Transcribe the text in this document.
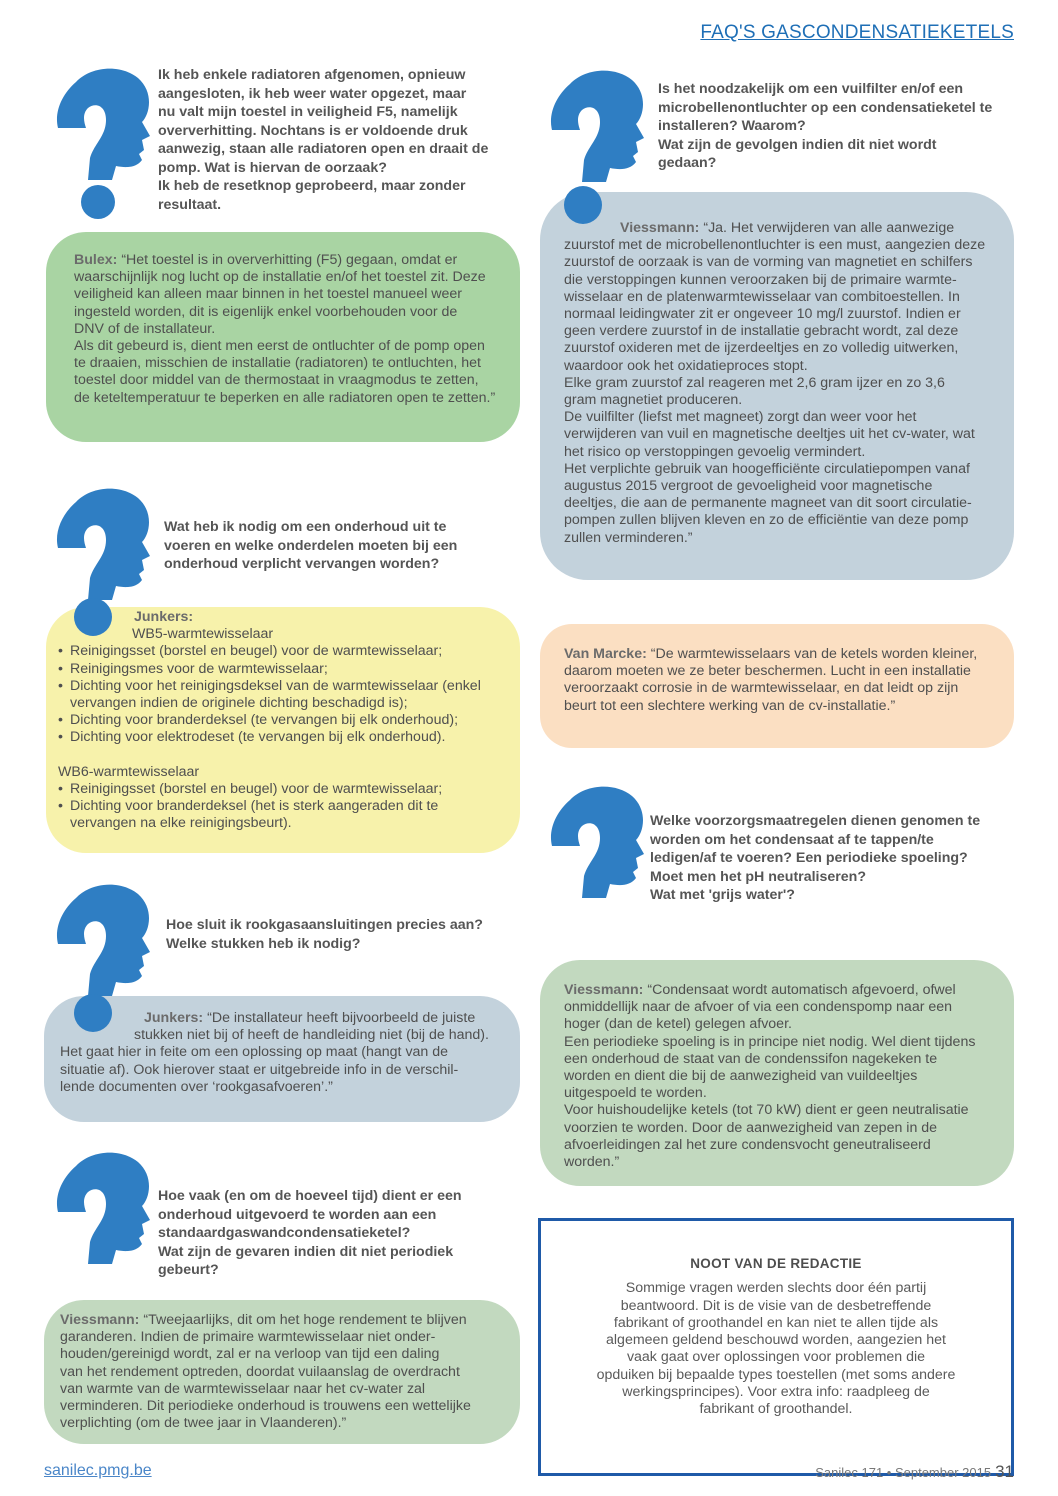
FAQ'S GASCONDENSATIEKETELS

Ik heb enkele radiatoren afgenomen, opnieuw

aangesloten, ik heb weer water opgezet, maar

nu valt mijn toestel in veiligheid F5, namelijk

oververhitting. Nochtans is er voldoende druk

aanwezig, staan alle radiatoren open en draait de

pomp. Wat is hiervan de oorzaak?

Ik heb de resetknop geprobeerd, maar zonder

resultaat.

Bulex: “Het toestel is in oververhitting (F5) gegaan, omdat er

waarschijnlijk nog lucht op de installatie en/of het toestel zit. Deze

veiligheid kan alleen maar binnen in het toestel manueel weer

ingesteld worden, dit is eigenlijk enkel voorbehouden voor de

DNV of de installateur.

Als dit gebeurd is, dient men eerst de ontluchter of de pomp open

te draaien, misschien de installatie (radiatoren) te ontluchten, het

toestel door middel van de thermostaat in vraagmodus te zetten,

de keteltemperatuur te beperken en alle radiatoren open te zetten.”

Wat heb ik nodig om een onderhoud uit te

voeren en welke onderdelen moeten bij een

onderhoud verplicht vervangen worden?

Junkers:

WB5-warmtewisselaar

• Reinigingsset (borstel en beugel) voor de warmtewisselaar;
• Reinigingsmes voor de warmtewisselaar;
• Dichting voor het reinigingsdeksel van de warmtewisselaar (enkel vervangen indien de originele dichting beschadigd is);
• Dichting voor branderdeksel (te vervangen bij elk onderhoud);
• Dichting voor elektrodeset (te vervangen bij elk onderhoud).

WB6-warmtewisselaar

• Reinigingsset (borstel en beugel) voor de warmtewisselaar;
• Dichting voor branderdeksel (het is sterk aangeraden dit te vervangen na elke reinigingsbeurt).

Hoe sluit ik rookgasaansluitingen precies aan?

Welke stukken heb ik nodig?

Junkers: “De installateur heeft bijvoorbeeld de juiste

stukken niet bij of heeft de handleiding niet (bij de hand).

Het gaat hier in feite om een oplossing op maat (hangt van de

situatie af). Ook hierover staat er uitgebreide info in de verschil-

lende documenten over ‘rookgasafvoeren’.”

Hoe vaak (en om de hoeveel tijd) dient er een

onderhoud uitgevoerd te worden aan een

standaardgaswandcondensatieketel?

Wat zijn de gevaren indien dit niet periodiek

gebeurt?

Viessmann: “Tweejaarlijks, dit om het hoge rendement te blijven

garanderen. Indien de primaire warmtewisselaar niet onder-

houden/gereinigd wordt, zal er na verloop van tijd een daling

van het rendement optreden, doordat vuilaanslag de overdracht

van warmte van de warmtewisselaar naar het cv-water zal

verminderen. Dit periodieke onderhoud is trouwens een wettelijke

verplichting (om de twee jaar in Vlaanderen).”

Is het noodzakelijk om een vuilfilter en/of een

microbellenontluchter op een condensatieketel te

installeren? Waarom?

Wat zijn de gevolgen indien dit niet wordt

gedaan?

Viessmann: “Ja. Het verwijderen van alle aanwezige

zuurstof met de microbellenontluchter is een must, aangezien deze

zuurstof de oorzaak is van de vorming van magnetiet en schilfers

die verstoppingen kunnen veroorzaken bij de primaire warmte-

wisselaar en de platenwarmtewisselaar van combitoestellen. In

normaal leidingwater zit er ongeveer 10 mg/l zuurstof. Indien er

geen verdere zuurstof in de installatie gebracht wordt, zal deze

zuurstof oxideren met de ijzerdeeltjes en zo volledig uitwerken,

waardoor ook het oxidatieproces stopt.

Elke gram zuurstof zal reageren met 2,6 gram ijzer en zo 3,6

gram magnetiet produceren.

De vuilfilter (liefst met magneet) zorgt dan weer voor het

verwijderen van vuil en magnetische deeltjes uit het cv-water, wat

het risico op verstoppingen gevoelig vermindert.

Het verplichte gebruik van hoogefficiënte circulatiepompen vanaf

augustus 2015 vergroot de gevoeligheid voor magnetische

deeltjes, die aan de permanente magneet van dit soort circulatie-

pompen zullen blijven kleven en zo de efficiëntie van deze pomp

zullen verminderen.”

Van Marcke: “De warmtewisselaars van de ketels worden kleiner,

daarom moeten we ze beter beschermen. Lucht in een installatie

veroorzaakt corrosie in de warmtewisselaar, en dat leidt op zijn

beurt tot een slechtere werking van de cv-installatie.”

Welke voorzorgsmaatregelen dienen genomen te

worden om het condensaat af te tappen/te

ledigen/af te voeren? Een periodieke spoeling?

Moet men het pH neutraliseren?

Wat met 'grijs water'?

Viessmann: “Condensaat wordt automatisch afgevoerd, ofwel

onmiddellijk naar de afvoer of via een condenspomp naar een

hoger (dan de ketel) gelegen afvoer.

Een periodieke spoeling is in principe niet nodig. Wel dient tijdens

een onderhoud de staat van de condenssifon nagekeken te

worden en dient die bij de aanwezigheid van vuildeeltjes

uitgespoeld te worden.

Voor huishoudelijke ketels (tot 70 kW) dient er geen neutralisatie

voorzien te worden. Door de aanwezigheid van zepen in de

afvoerleidingen zal het zure condensvocht geneutraliseerd

worden.”

NOOT VAN DE REDACTIE

Sommige vragen werden slechts door één partij

beantwoord. Dit is de visie van de desbetreffende

fabrikant of groothandel en kan niet te allen tijde als

algemeen geldend beschouwd worden, aangezien het

vaak gaat over oplossingen voor problemen die

opduiken bij bepaalde types toestellen (met soms andere

werkingsprincipes). Voor extra info: raadpleeg de

fabrikant of groothandel.

sanilec.pmg.be	Sanilec 171 • September 2015 31
